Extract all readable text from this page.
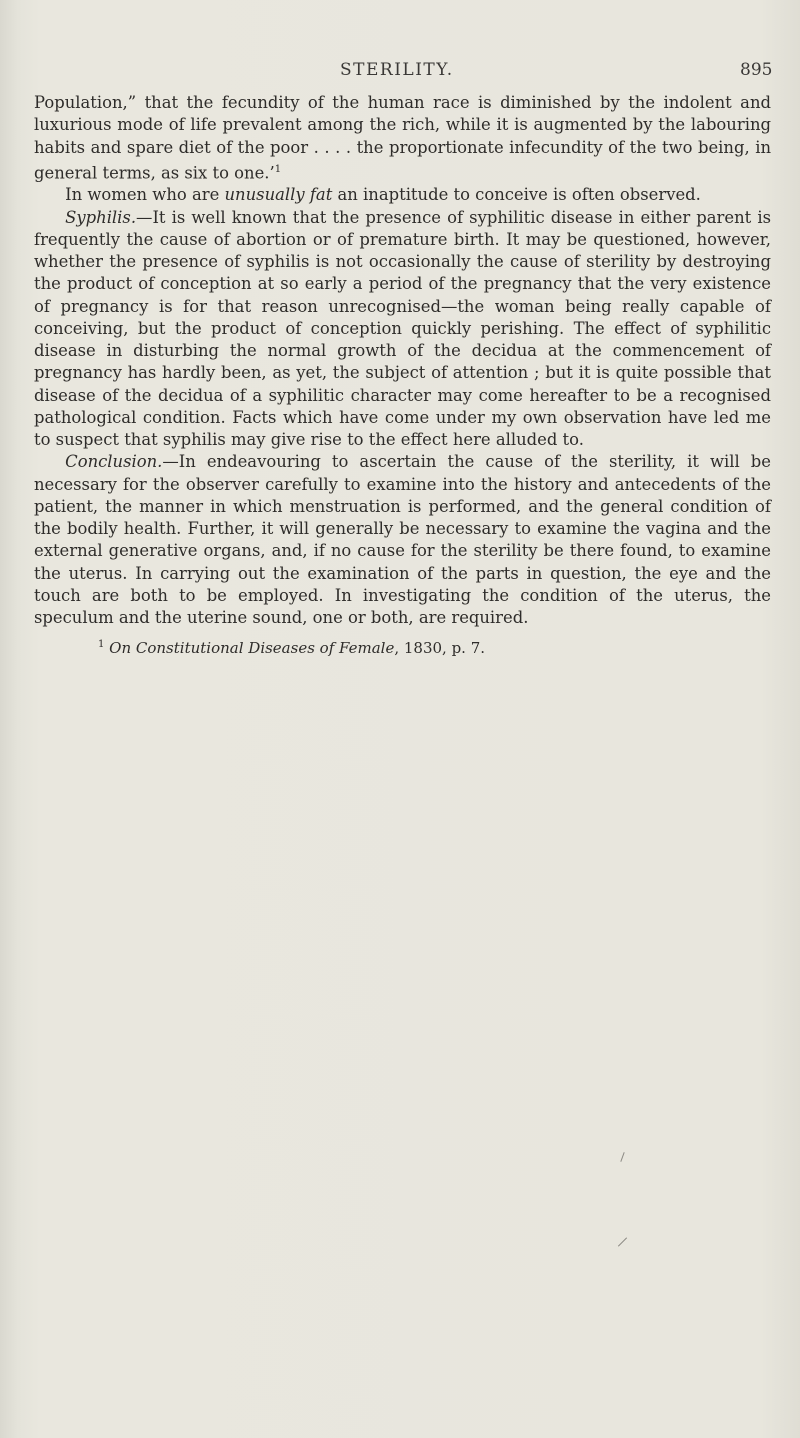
STERILITY.	895

Population,” that the fecundity of the human race is diminished by the indolent and luxurious mode of life prevalent among the rich, while it is augmented by the labouring habits and spare diet of the poor . . . . the proportionate infecundity of the two being, in general terms, as six to one.’$^1$

In women who are unusually fat an inaptitude to conceive is often observed.

Syphilis.—It is well known that the presence of syphilitic disease in either parent is frequently the cause of abortion or of premature birth. It may be questioned, however, whether the presence of syphilis is not occasionally the cause of sterility by destroying the product of conception at so early a period of the pregnancy that the very existence of pregnancy is for that reason unrecognised—the woman being really capable of conceiving, but the product of conception quickly perishing. The effect of syphilitic disease in disturbing the normal growth of the decidua at the commencement of pregnancy has hardly been, as yet, the subject of attention ; but it is quite possible that disease of the decidua of a syphilitic character may come hereafter to be a recognised pathological condition. Facts which have come under my own observation have led me to suspect that syphilis may give rise to the effect here alluded to.

Conclusion.—In endeavouring to ascertain the cause of the sterility, it will be necessary for the observer carefully to examine into the history and antecedents of the patient, the manner in which menstruation is performed, and the general condition of the bodily health. Further, it will generally be necessary to examine the vagina and the external generative organs, and, if no cause for the sterility be there found, to examine the uterus. In carrying out the examination of the parts in question, the eye and the touch are both to be employed. In investigating the condition of the uterus, the speculum and the uterine sound, one or both, are required.

$^1$ On Constitutional Diseases of Female, 1830, p. 7.
